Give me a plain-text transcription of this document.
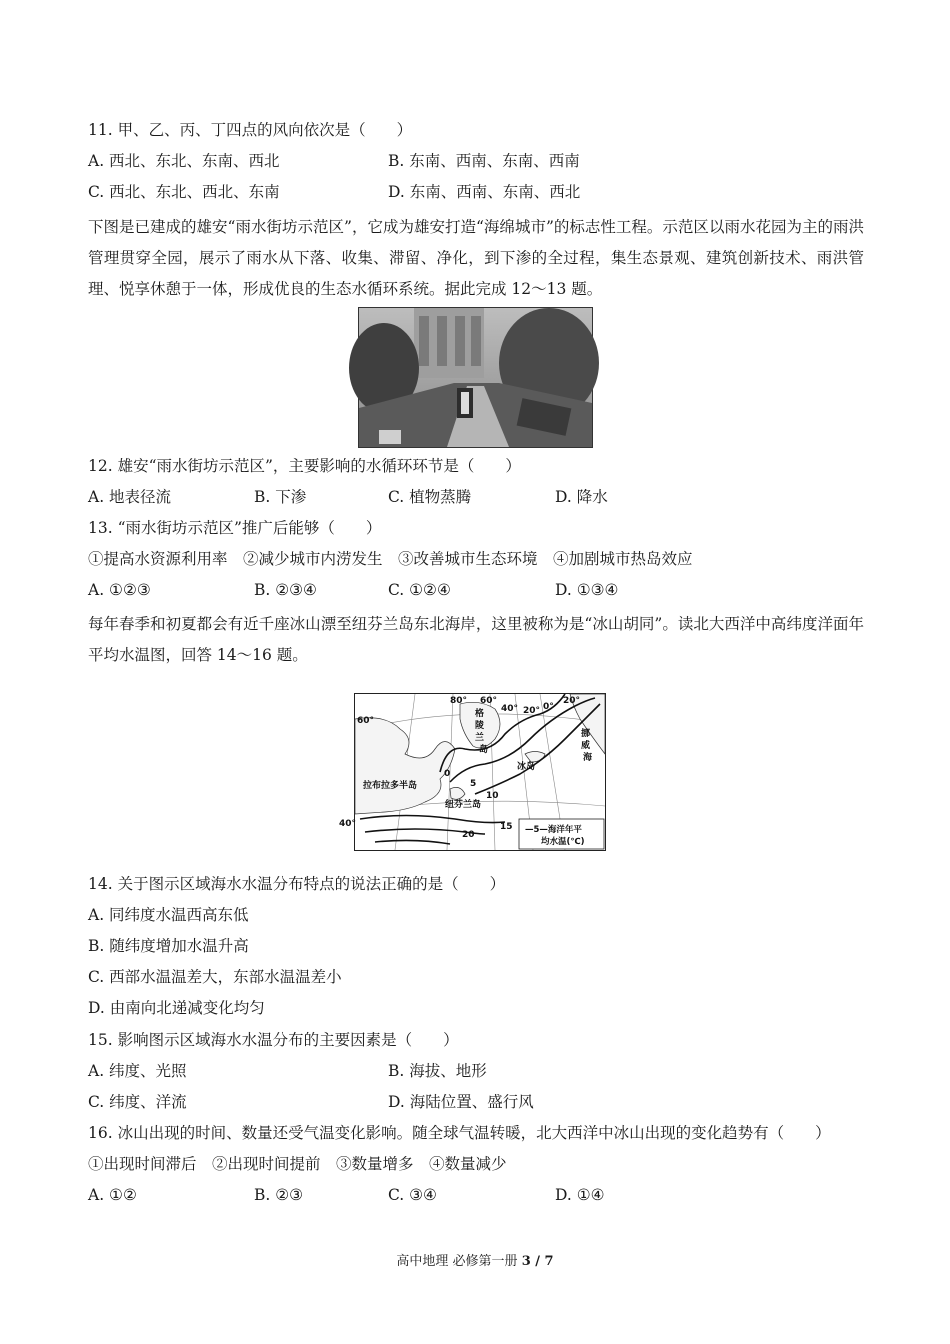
11. 甲、乙、丙、丁四点的风向依次是（　　）
A. 西北、东北、东南、西北	B. 东南、西南、东南、西南
C. 西北、东北、西北、东南	D. 东南、西南、东南、西北
下图是已建成的雄安“雨水街坊示范区”，它成为雄安打造“海绵城市”的标志性工程。示范区以雨水花园为主的雨洪管理贯穿全园，展示了雨水从下落、收集、滞留、净化，到下渗的全过程，集生态景观、建筑创新技术、雨洪管理、悦享休憩于一体，形成优良的生态水循环系统。据此完成 12～13 题。
12. 雄安“雨水街坊示范区”，主要影响的水循环环节是（　　）
A. 地表径流	B. 下渗	C. 植物蒸腾	D. 降水
13. “雨水街坊示范区”推广后能够（　　）
①提高水资源利用率　②减少城市内涝发生　③改善城市生态环境　④加剧城市热岛效应
A. ①②③	B. ②③④	C. ①②④	D. ①③④
每年春季和初夏都会有近千座冰山漂至纽芬兰岛东北海岸，这里被称为是“冰山胡同”。读北大西洋中高纬度洋面年平均水温图，回答 14～16 题。
80° 60°
40° 20° 0°
20°
60°
40°
格
陵
兰
岛
冰岛
挪
威
海
拉布拉多半岛
纽芬兰岛
0
5
10
15
20	—5—海洋年平
均水温(℃)
14. 关于图示区域海水水温分布特点的说法正确的是（　　）
A. 同纬度水温西高东低
B. 随纬度增加水温升高
C. 西部水温温差大，东部水温温差小
D. 由南向北递减变化均匀
15. 影响图示区域海水水温分布的主要因素是（　　）
A. 纬度、光照	B. 海拔、地形
C. 纬度、洋流	D. 海陆位置、盛行风
16. 冰山出现的时间、数量还受气温变化影响。随全球气温转暖，北大西洋中冰山出现的变化趋势有（　　）
①出现时间滞后　②出现时间提前　③数量增多　④数量减少
A. ①②	B. ②③	C. ③④	D. ①④
高中地理 必修第一册 3 / 7
